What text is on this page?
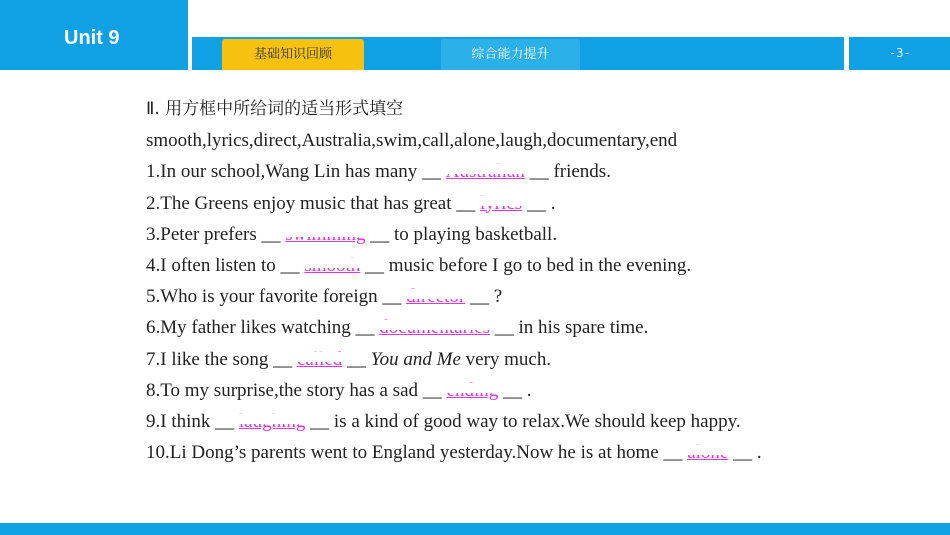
Unit 9
基础知识回顾	综合能力提升	-3-
Ⅱ. 用方框中所给词的适当形式填空
smooth,lyrics,direct,Australia,swim,call,alone,laugh,documentary,end
1.In our school,Wang Lin has many __	__ friends.
2.The Greens enjoy music that has great __
__ .
3.Peter prefers __	__ to playing basketball.
4.I often listen to __	__ music before I go to bed in the evening.
5.Who is your favorite foreign __	__ ?
6.My father likes watching __	__ in his spare time.
7.I like the song __
__ You and Me very much.
8.To my surprise,the story has a sad __	__ .
9.I think __	__ is a kind of good way to relax.We should keep happy.
10.Li Dong’s parents went to England yesterday.Now he is at home __
__ .
